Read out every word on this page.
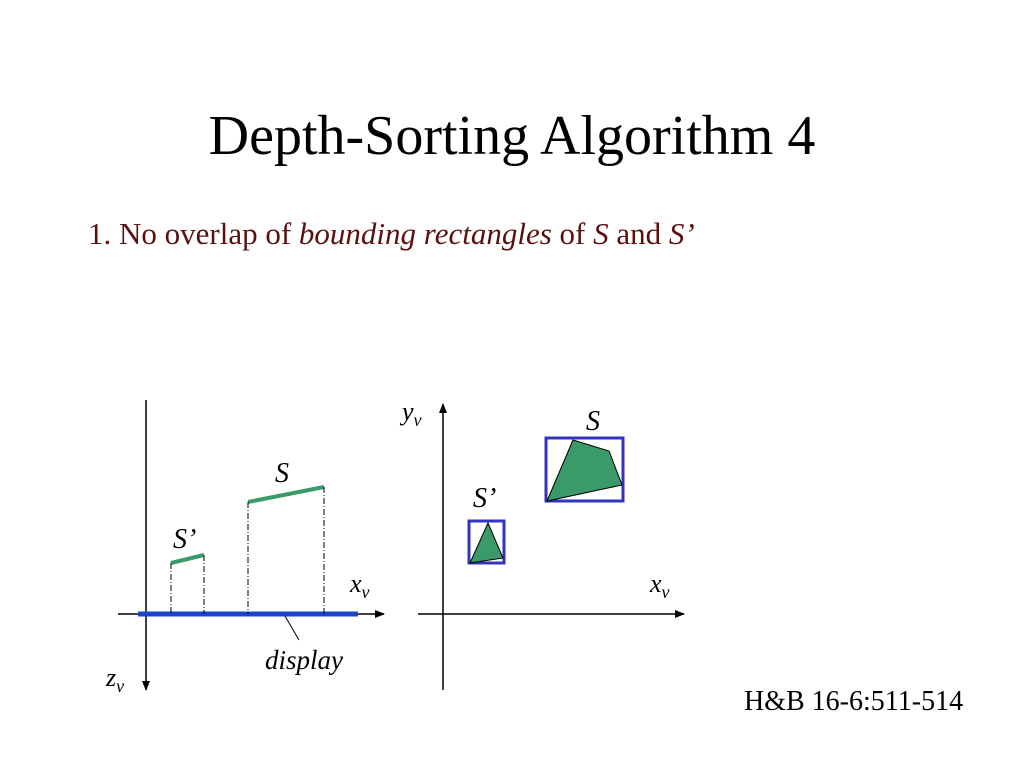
Depth-Sorting Algorithm 4
1. No overlap of bounding rectangles of S and S’
S
S’
$x_v$
$z_v$
display
S
S’
$x_v$
$y_v$
H&B 16-6:511-514
